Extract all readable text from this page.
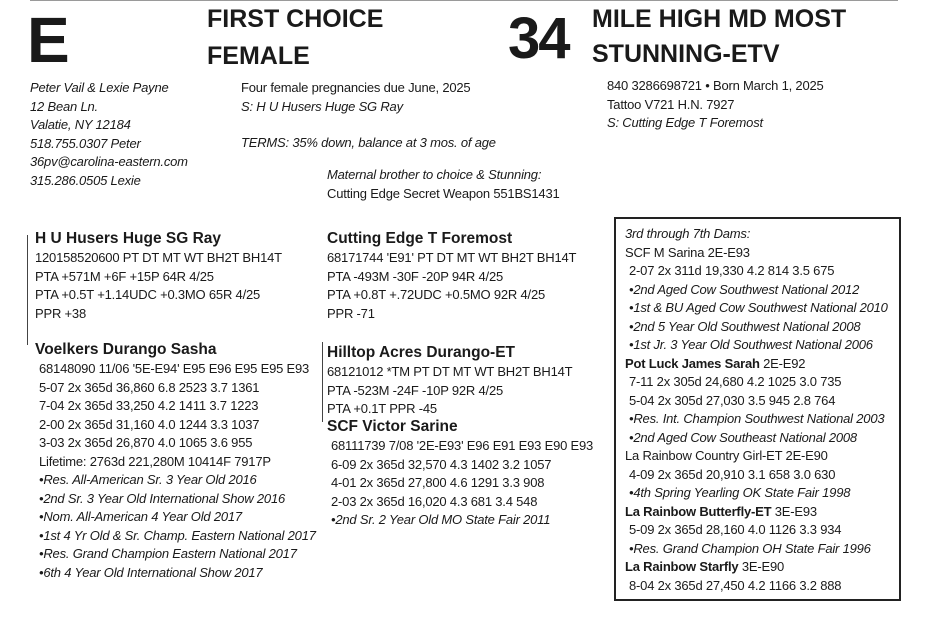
E	FIRST CHOICE
FEMALE	34 MILE HIGH MD MOST
STUNNING-ETV
Peter Vail & Lexie Payne
12 Bean Ln.
Valatie, NY 12184
518.755.0307 Peter
36pv@carolina-eastern.com
315.286.0505 Lexie
Four female pregnancies due June, 2025
S: H U Husers Huge SG Ray
TERMS: 35% down, balance at 3 mos. of age
Maternal brother to choice & Stunning:
Cutting Edge Secret Weapon 551BS1431
840 3286698721 • Born March 1, 2025
Tattoo V721 H.N. 7927
S: Cutting Edge T Foremost
H U Husers Huge SG Ray
120158520600 PT DT MT WT BH2T BH14T
PTA +571M +6F +15P 64R 4/25
PTA +0.5T +1.14UDC +0.3MO 65R 4/25
PPR +38
Voelkers Durango Sasha
68148090 11/06 '5E-E94' E95 E96 E95 E95 E93
5-07 2x 365d 36,860 6.8 2523 3.7 1361
7-04 2x 365d 33,250 4.2 1411 3.7 1223
2-00 2x 365d 31,160 4.0 1244 3.3 1037
3-03 2x 365d 26,870 4.0 1065 3.6 955
Lifetime: 2763d 221,280M 10414F 7917P
•Res. All-American Sr. 3 Year Old 2016
•2nd Sr. 3 Year Old International Show 2016
•Nom. All-American 4 Year Old 2017
•1st 4 Yr Old & Sr. Champ. Eastern National 2017
•Res. Grand Champion Eastern National 2017
•6th 4 Year Old International Show 2017
Cutting Edge T Foremost
68171744 'E91' PT DT MT WT BH2T BH14T
PTA -493M -30F -20P 94R 4/25
PTA +0.8T +.72UDC +0.5MO 92R 4/25
PPR -71
Hilltop Acres Durango-ET
68121012 *TM PT DT MT WT BH2T BH14T
PTA -523M -24F -10P 92R 4/25
PTA +0.1T PPR -45
SCF Victor Sarine
68111739 7/08 '2E-E93' E96 E91 E93 E90 E93
6-09 2x 365d 32,570 4.3 1402 3.2 1057
4-01 2x 365d 27,800 4.6 1291 3.3 908
2-03 2x 365d 16,020 4.3 681 3.4 548
•2nd Sr. 2 Year Old MO State Fair 2011
3rd through 7th Dams:
SCF M Sarina 2E-E93
2-07 2x 311d 19,330 4.2 814 3.5 675
•2nd Aged Cow Southwest National 2012
•1st & BU Aged Cow Southwest National 2010
•2nd 5 Year Old Southwest National 2008
•1st Jr. 3 Year Old Southwest National 2006
Pot Luck James Sarah 2E-E92
7-11 2x 305d 24,680 4.2 1025 3.0 735
5-04 2x 305d 27,030 3.5 945 2.8 764
•Res. Int. Champion Southwest National 2003
•2nd Aged Cow Southeast National 2008
La Rainbow Country Girl-ET 2E-E90
4-09 2x 365d 20,910 3.1 658 3.0 630
•4th Spring Yearling OK State Fair 1998
La Rainbow Butterfly-ET 3E-E93
5-09 2x 365d 28,160 4.0 1126 3.3 934
•Res. Grand Champion OH State Fair 1996
La Rainbow Starfly 3E-E90
8-04 2x 365d 27,450 4.2 1166 3.2 888
